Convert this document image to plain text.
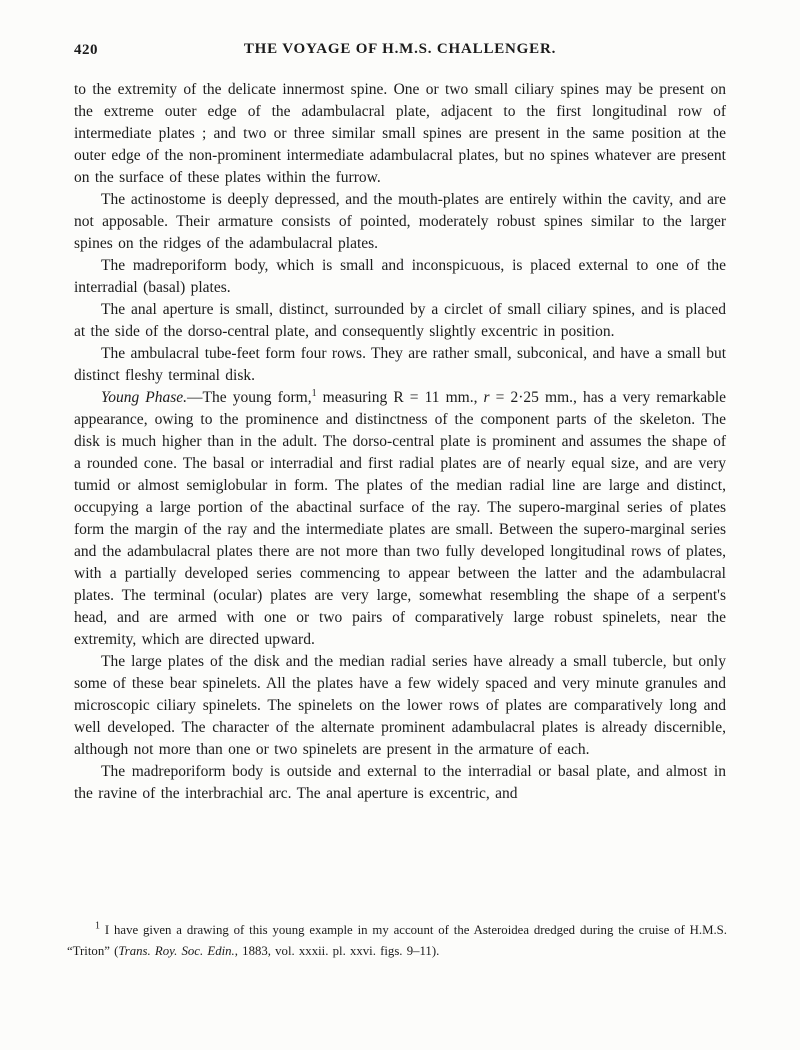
420	THE VOYAGE OF H.M.S. CHALLENGER.

to the extremity of the delicate innermost spine. One or two small ciliary spines may be present on the extreme outer edge of the adambulacral plate, adjacent to the first longitudinal row of intermediate plates ; and two or three similar small spines are present in the same position at the outer edge of the non-prominent intermediate adambulacral plates, but no spines whatever are present on the surface of these plates within the furrow.

The actinostome is deeply depressed, and the mouth-plates are entirely within the cavity, and are not apposable. Their armature consists of pointed, moderately robust spines similar to the larger spines on the ridges of the adambulacral plates.

The madreporiform body, which is small and inconspicuous, is placed external to one of the interradial (basal) plates.

The anal aperture is small, distinct, surrounded by a circlet of small ciliary spines, and is placed at the side of the dorso-central plate, and consequently slightly excentric in position.

The ambulacral tube-feet form four rows. They are rather small, subconical, and have a small but distinct fleshy terminal disk.

Young Phase.—The young form,$^1$ measuring R = 11 mm., r = 2·25 mm., has a very remarkable appearance, owing to the prominence and distinctness of the component parts of the skeleton. The disk is much higher than in the adult. The dorso-central plate is prominent and assumes the shape of a rounded cone. The basal or interradial and first radial plates are of nearly equal size, and are very tumid or almost semiglobular in form. The plates of the median radial line are large and distinct, occupying a large portion of the abactinal surface of the ray. The supero-marginal series of plates form the margin of the ray and the intermediate plates are small. Between the supero-marginal series and the adambulacral plates there are not more than two fully developed longitudinal rows of plates, with a partially developed series commencing to appear between the latter and the adambulacral plates. The terminal (ocular) plates are very large, somewhat resembling the shape of a serpent's head, and are armed with one or two pairs of comparatively large robust spinelets, near the extremity, which are directed upward.

The large plates of the disk and the median radial series have already a small tubercle, but only some of these bear spinelets. All the plates have a few widely spaced and very minute granules and microscopic ciliary spinelets. The spinelets on the lower rows of plates are comparatively long and well developed. The character of the alternate prominent adambulacral plates is already discernible, although not more than one or two spinelets are present in the armature of each.

The madreporiform body is outside and external to the interradial or basal plate, and almost in the ravine of the interbrachial arc. The anal aperture is excentric, and

$^1$ I have given a drawing of this young example in my account of the Asteroidea dredged during the cruise of H.M.S. “Triton” (Trans. Roy. Soc. Edin., 1883, vol. xxxii. pl. xxvi. figs. 9–11).
